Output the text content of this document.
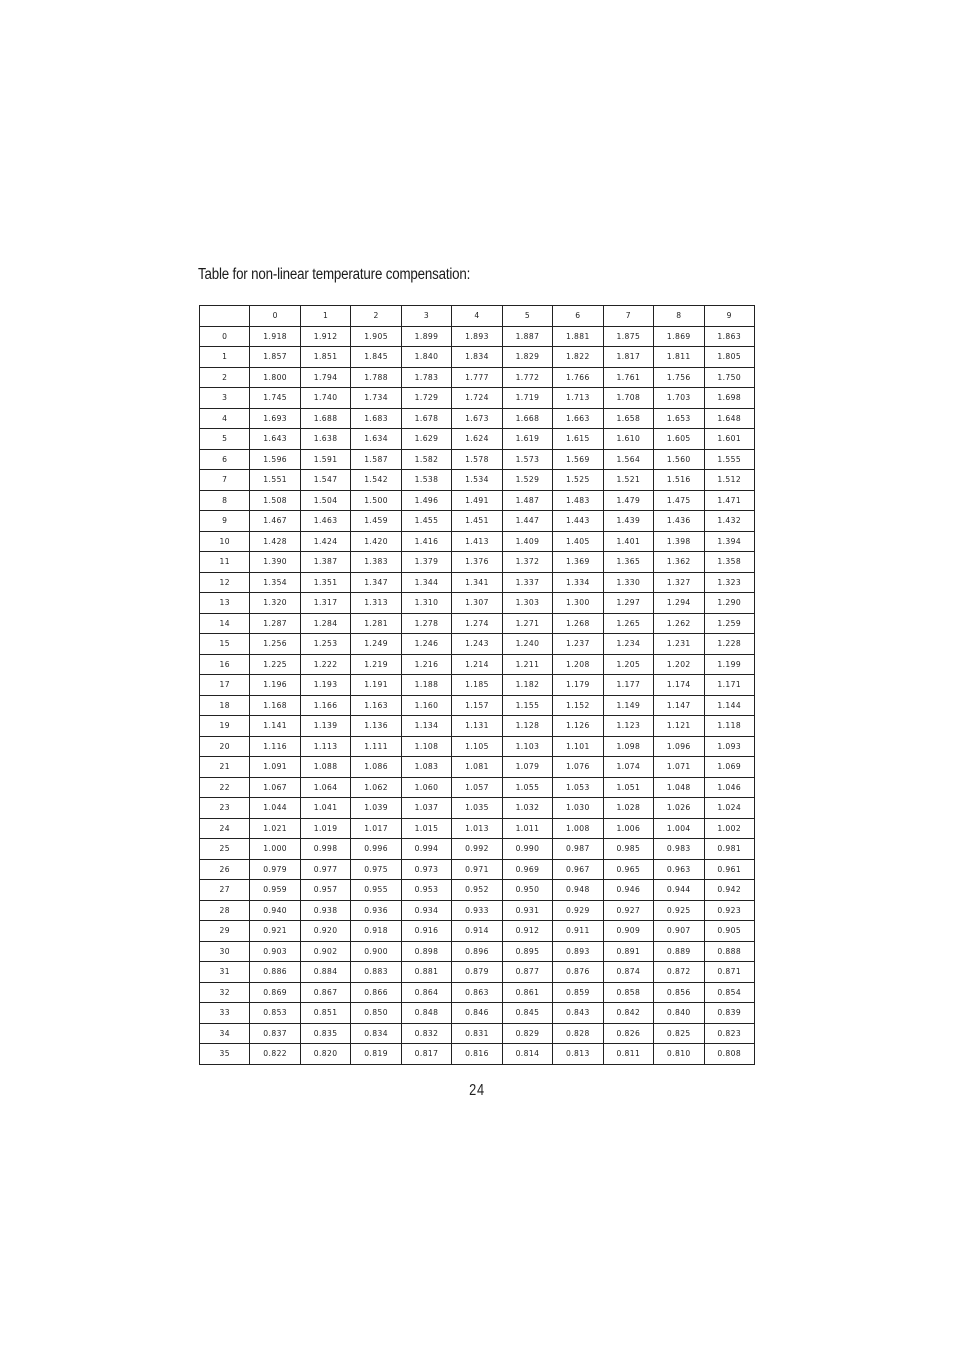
Table for non-linear temperature compensation:
	0	1	2	3	4	5	6	7	8	9
0	1.918	1.912	1.905	1.899	1.893	1.887	1.881	1.875	1.869	1.863
1	1.857	1.851	1.845	1.840	1.834	1.829	1.822	1.817	1.811	1.805
2	1.800	1.794	1.788	1.783	1.777	1.772	1.766	1.761	1.756	1.750
3	1.745	1.740	1.734	1.729	1.724	1.719	1.713	1.708	1.703	1.698
4	1.693	1.688	1.683	1.678	1.673	1.668	1.663	1.658	1.653	1.648
5	1.643	1.638	1.634	1.629	1.624	1.619	1.615	1.610	1.605	1.601
6	1.596	1.591	1.587	1.582	1.578	1.573	1.569	1.564	1.560	1.555
7	1.551	1.547	1.542	1.538	1.534	1.529	1.525	1.521	1.516	1.512
8	1.508	1.504	1.500	1.496	1.491	1.487	1.483	1.479	1.475	1.471
9	1.467	1.463	1.459	1.455	1.451	1.447	1.443	1.439	1.436	1.432
10	1.428	1.424	1.420	1.416	1.413	1.409	1.405	1.401	1.398	1.394
11	1.390	1.387	1.383	1.379	1.376	1.372	1.369	1.365	1.362	1.358
12	1.354	1.351	1.347	1.344	1.341	1.337	1.334	1.330	1.327	1.323
13	1.320	1.317	1.313	1.310	1.307	1.303	1.300	1.297	1.294	1.290
14	1.287	1.284	1.281	1.278	1.274	1.271	1.268	1.265	1.262	1.259
15	1.256	1.253	1.249	1.246	1.243	1.240	1.237	1.234	1.231	1.228
16	1.225	1.222	1.219	1.216	1.214	1.211	1.208	1.205	1.202	1.199
17	1.196	1.193	1.191	1.188	1.185	1.182	1.179	1.177	1.174	1.171
18	1.168	1.166	1.163	1.160	1.157	1.155	1.152	1.149	1.147	1.144
19	1.141	1.139	1.136	1.134	1.131	1.128	1.126	1.123	1.121	1.118
20	1.116	1.113	1.111	1.108	1.105	1.103	1.101	1.098	1.096	1.093
21	1.091	1.088	1.086	1.083	1.081	1.079	1.076	1.074	1.071	1.069
22	1.067	1.064	1.062	1.060	1.057	1.055	1.053	1.051	1.048	1.046
23	1.044	1.041	1.039	1.037	1.035	1.032	1.030	1.028	1.026	1.024
24	1.021	1.019	1.017	1.015	1.013	1.011	1.008	1.006	1.004	1.002
25	1.000	0.998	0.996	0.994	0.992	0.990	0.987	0.985	0.983	0.981
26	0.979	0.977	0.975	0.973	0.971	0.969	0.967	0.965	0.963	0.961
27	0.959	0.957	0.955	0.953	0.952	0.950	0.948	0.946	0.944	0.942
28	0.940	0.938	0.936	0.934	0.933	0.931	0.929	0.927	0.925	0.923
29	0.921	0.920	0.918	0.916	0.914	0.912	0.911	0.909	0.907	0.905
30	0.903	0.902	0.900	0.898	0.896	0.895	0.893	0.891	0.889	0.888
31	0.886	0.884	0.883	0.881	0.879	0.877	0.876	0.874	0.872	0.871
32	0.869	0.867	0.866	0.864	0.863	0.861	0.859	0.858	0.856	0.854
33	0.853	0.851	0.850	0.848	0.846	0.845	0.843	0.842	0.840	0.839
34	0.837	0.835	0.834	0.832	0.831	0.829	0.828	0.826	0.825	0.823
35	0.822	0.820	0.819	0.817	0.816	0.814	0.813	0.811	0.810	0.808
24
